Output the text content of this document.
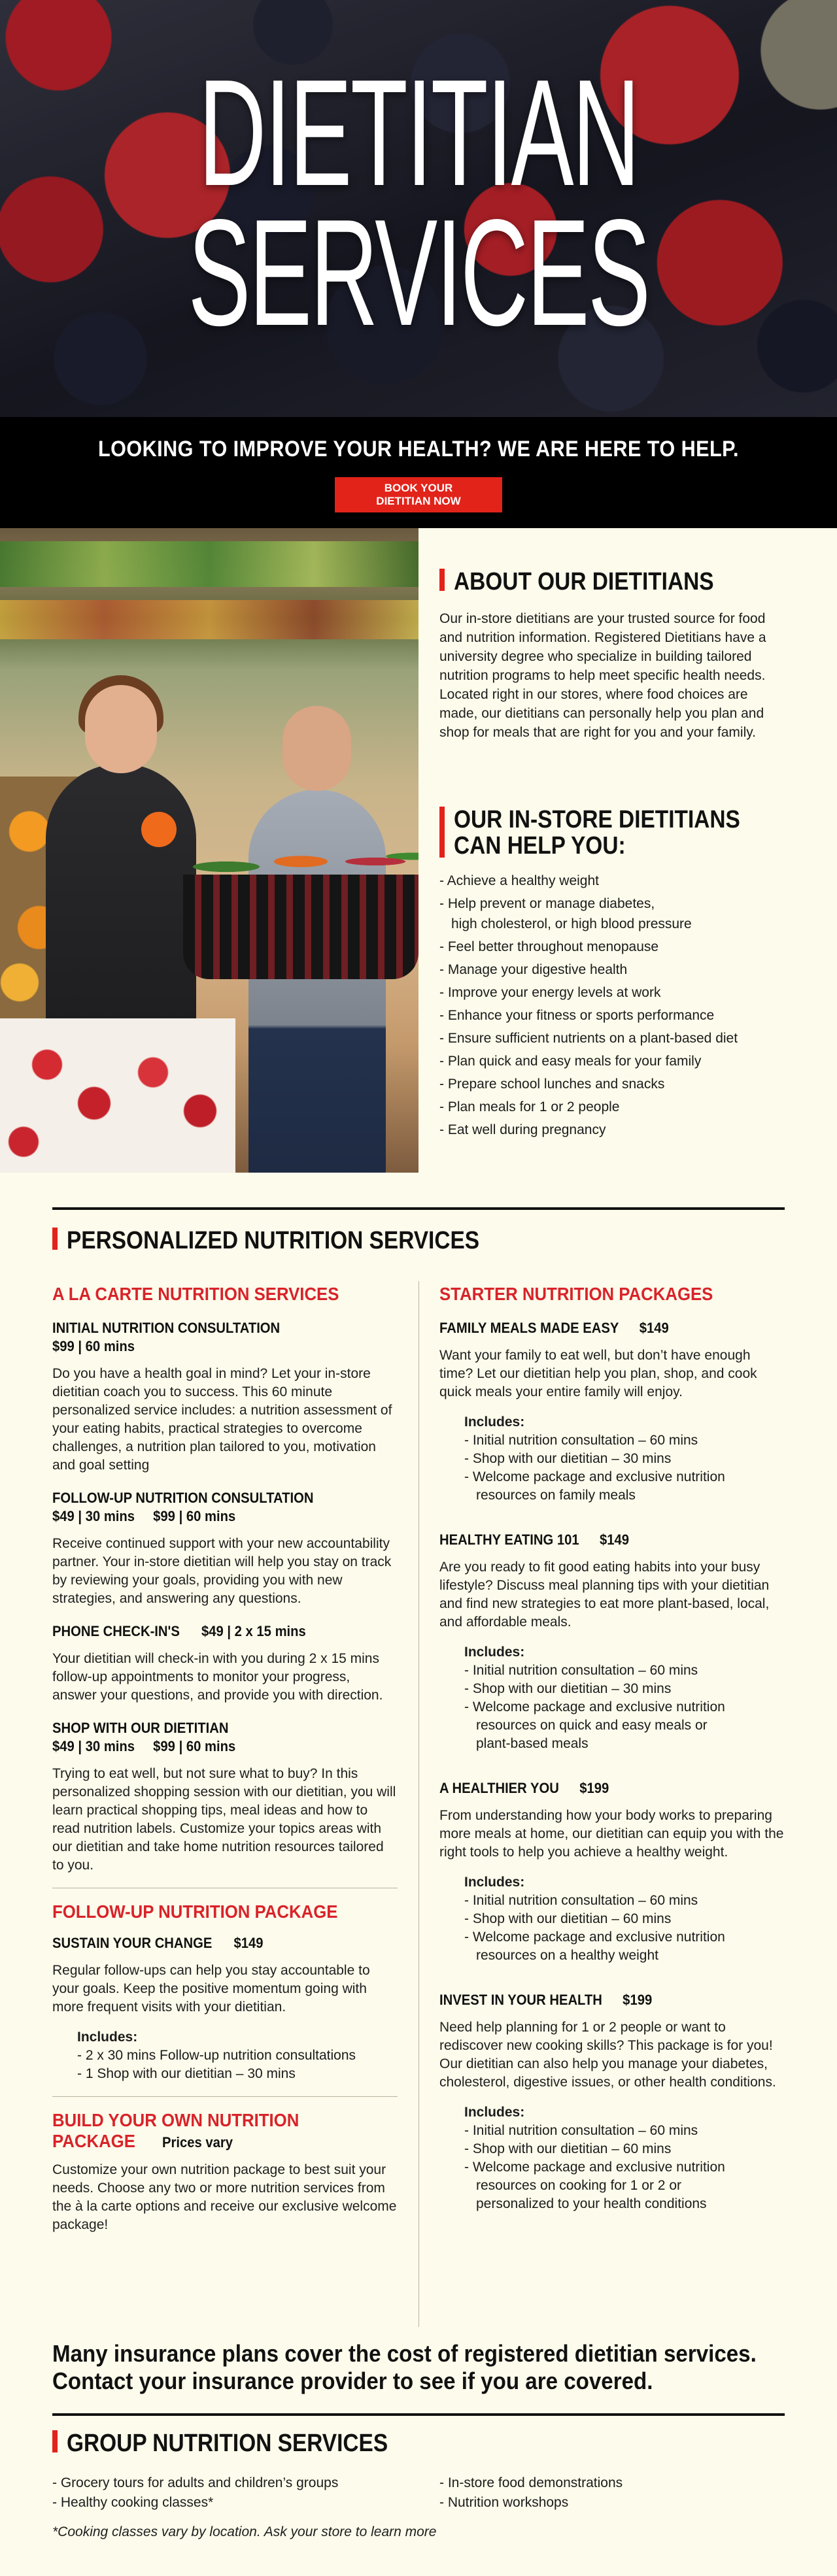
DIETITIAN
SERVICES
LOOKING TO IMPROVE YOUR HEALTH? WE ARE HERE TO HELP.
BOOK YOUR
DIETITIAN NOW
ABOUT OUR DIETITIANS

Our in-store dietitians are your trusted source for food and nutrition information. Registered Dietitians have a university degree who specialize in building tailored nutrition programs to help meet specific health needs. Located right in our stores, where food choices are made, our dietitians can personally help you plan and shop for meals that are right for you and your family.

OUR IN-STORE DIETITIANS
CAN HELP YOU:
- Achieve a healthy weight
- Help prevent or manage diabetes,
high cholesterol, or high blood pressure
- Feel better throughout menopause
- Manage your digestive health
- Improve your energy levels at work
- Enhance your fitness or sports performance
- Ensure sufficient nutrients on a plant-based diet
- Plan quick and easy meals for your family
- Prepare school lunches and snacks
- Plan meals for 1 or 2 people
- Eat well during pregnancy
PERSONALIZED NUTRITION SERVICES
A LA CARTE NUTRITION SERVICES
INITIAL NUTRITION CONSULTATION
$99 | 60 mins

Do you have a health goal in mind? Let your in-store dietitian coach you to success. This 60 minute personalized service includes: a nutrition assessment of your eating habits, practical strategies to overcome challenges, a nutrition plan tailored to you, motivation and goal setting

FOLLOW-UP NUTRITION CONSULTATION
$49 | 30 mins     $99 | 60 mins

Receive continued support with your new accountability partner. Your in-store dietitian will help you stay on track by reviewing your goals, providing you with new strategies, and answering any questions.

PHONE CHECK-IN'S $49 | 2 x 15 mins

Your dietitian will check-in with you during 2 x 15 mins follow-up appointments to monitor your progress, answer your questions, and provide you with direction.

SHOP WITH OUR DIETITIAN
$49 | 30 mins     $99 | 60 mins

Trying to eat well, but not sure what to buy? In this personalized shopping session with our dietitian, you will learn practical shopping tips, meal ideas and how to read nutrition labels. Customize your topics areas with our dietitian and take home nutrition resources tailored to you.

FOLLOW-UP NUTRITION PACKAGE
SUSTAIN YOUR CHANGE $149

Regular follow-ups can help you stay accountable to your goals. Keep the positive momentum going with more frequent visits with your dietitian.

Includes:
- 2 x 30 mins Follow-up nutrition consultations
- 1 Shop with our dietitian – 30 mins
BUILD YOUR OWN NUTRITION
PACKAGE Prices vary

Customize your own nutrition package to best suit your needs. Choose any two or more nutrition services from the à la carte options and receive our exclusive welcome package!

STARTER NUTRITION PACKAGES
FAMILY MEALS MADE EASY $149

Want your family to eat well, but don’t have enough time? Let our dietitian help you plan, shop, and cook quick meals your entire family will enjoy.

Includes:
- Initial nutrition consultation – 60 mins
- Shop with our dietitian – 30 mins
- Welcome package and exclusive nutrition
resources on family meals
HEALTHY EATING 101 $149

Are you ready to fit good eating habits into your busy lifestyle? Discuss meal planning tips with your dietitian and find new strategies to eat more plant-based, local, and affordable meals.

Includes:
- Initial nutrition consultation – 60 mins
- Shop with our dietitian – 30 mins
- Welcome package and exclusive nutrition
resources on quick and easy meals or
plant-based meals
A HEALTHIER YOU $199

From understanding how your body works to preparing more meals at home, our dietitian can equip you with the right tools to help you achieve a healthy weight.

Includes:
- Initial nutrition consultation – 60 mins
- Shop with our dietitian – 60 mins
- Welcome package and exclusive nutrition
resources on a healthy weight
INVEST IN YOUR HEALTH $199

Need help planning for 1 or 2 people or want to rediscover new cooking skills? This package is for you! Our dietitian can also help you manage your diabetes, cholesterol, digestive issues, or other health conditions.

Includes:
- Initial nutrition consultation – 60 mins
- Shop with our dietitian – 60 mins
- Welcome package and exclusive nutrition
resources on cooking for 1 or 2 or
personalized to your health conditions
Many insurance plans cover the cost of registered dietitian services.
Contact your insurance provider to see if you are covered.
GROUP NUTRITION SERVICES
- Grocery tours for adults and children’s groups
- Healthy cooking classes*
- In-store food demonstrations
- Nutrition workshops
*Cooking classes vary by location. Ask your store to learn more
